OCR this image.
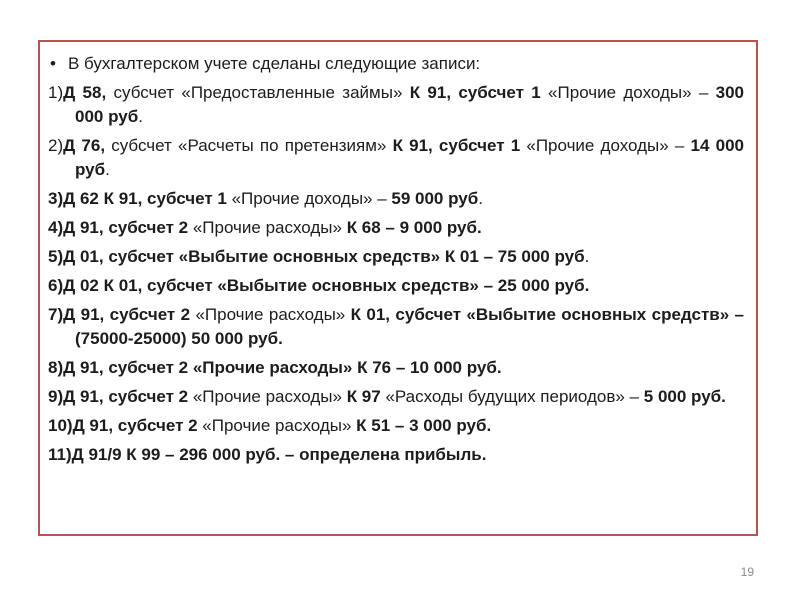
• В бухгалтерском учете сделаны следующие записи:
1)Д 58, субсчет «Предоставленные займы» К 91, субсчет 1 «Прочие доходы» – 300 000 руб.
2)Д 76, субсчет «Расчеты по претензиям» К 91, субсчет 1 «Прочие доходы» – 14 000 руб.
3)Д 62 К 91, субсчет 1 «Прочие доходы» – 59 000 руб.
4)Д 91, субсчет 2 «Прочие расходы» К 68 – 9 000 руб.
5)Д 01, субсчет «Выбытие основных средств» К 01 – 75 000 руб.
6)Д 02 К 01, субсчет «Выбытие основных средств» – 25 000 руб.
7)Д 91, субсчет 2 «Прочие расходы» К 01, субсчет «Выбытие основных средств» – (75000-25000) 50 000 руб.
8)Д 91, субсчет 2 «Прочие расходы» К 76 – 10 000 руб.
9)Д 91, субсчет 2 «Прочие расходы» К 97 «Расходы будущих периодов» – 5 000 руб.
10)Д 91, субсчет 2 «Прочие расходы» К 51 – 3 000 руб.
11)Д 91/9 К 99 – 296 000 руб. – определена прибыль.
19
